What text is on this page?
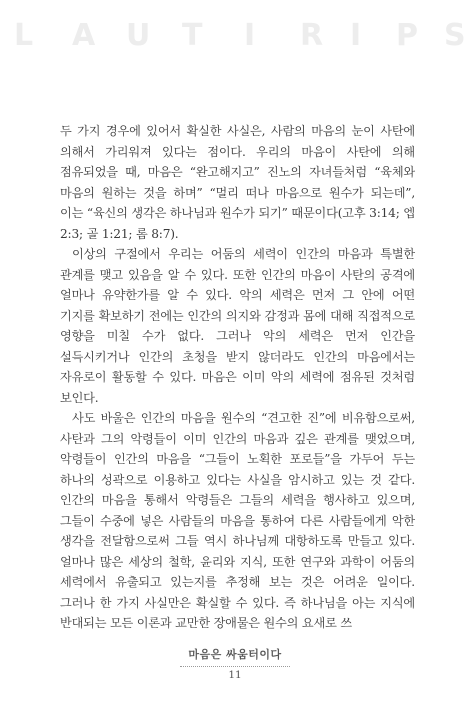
L A U T I R I P S

두 가지 경우에 있어서 확실한 사실은, 사람의 마음의 눈이 사탄에 의해서 가리워져 있다는 점이다. 우리의 마음이 사탄에 의해 점유되었을 때, 마음은 “완고해지고” 진노의 자녀들처럼 “육체와 마음의 원하는 것을 하며” “멀리 떠나 마음으로 원수가 되는데”, 이는 “육신의 생각은 하나님과 원수가 되기” 때문이다(고후 3:14; 엡 2:3; 골 1:21; 롬 8:7).

이상의 구절에서 우리는 어둠의 세력이 인간의 마음과 특별한 관계를 맺고 있음을 알 수 있다. 또한 인간의 마음이 사탄의 공격에 얼마나 유약한가를 알 수 있다. 악의 세력은 먼저 그 안에 어떤 기지를 확보하기 전에는 인간의 의지와 감정과 몸에 대해 직접적으로 영향을 미칠 수가 없다. 그러나 악의 세력은 먼저 인간을 설득시키거나 인간의 초청을 받지 않더라도 인간의 마음에서는 자유로이 활동할 수 있다. 마음은 이미 악의 세력에 점유된 것처럼 보인다.

사도 바울은 인간의 마음을 원수의 “견고한 진”에 비유함으로써, 사탄과 그의 악령들이 이미 인간의 마음과 깊은 관계를 맺었으며, 악령들이 인간의 마음을 “그들이 노획한 포로들”을 가두어 두는 하나의 성곽으로 이용하고 있다는 사실을 암시하고 있는 것 같다. 인간의 마음을 통해서 악령들은 그들의 세력을 행사하고 있으며, 그들이 수중에 넣은 사람들의 마음을 통하여 다른 사람들에게 악한 생각을 전달함으로써 그들 역시 하나님께 대항하도록 만들고 있다. 얼마나 많은 세상의 철학, 윤리와 지식, 또한 연구와 과학이 어둠의 세력에서 유출되고 있는지를 추정해 보는 것은 어려운 일이다. 그러나 한 가지 사실만은 확실할 수 있다. 즉 하나님을 아는 지식에 반대되는 모든 이론과 교만한 장애물은 원수의 요새로 쓰

마음은 싸움터이다
11
